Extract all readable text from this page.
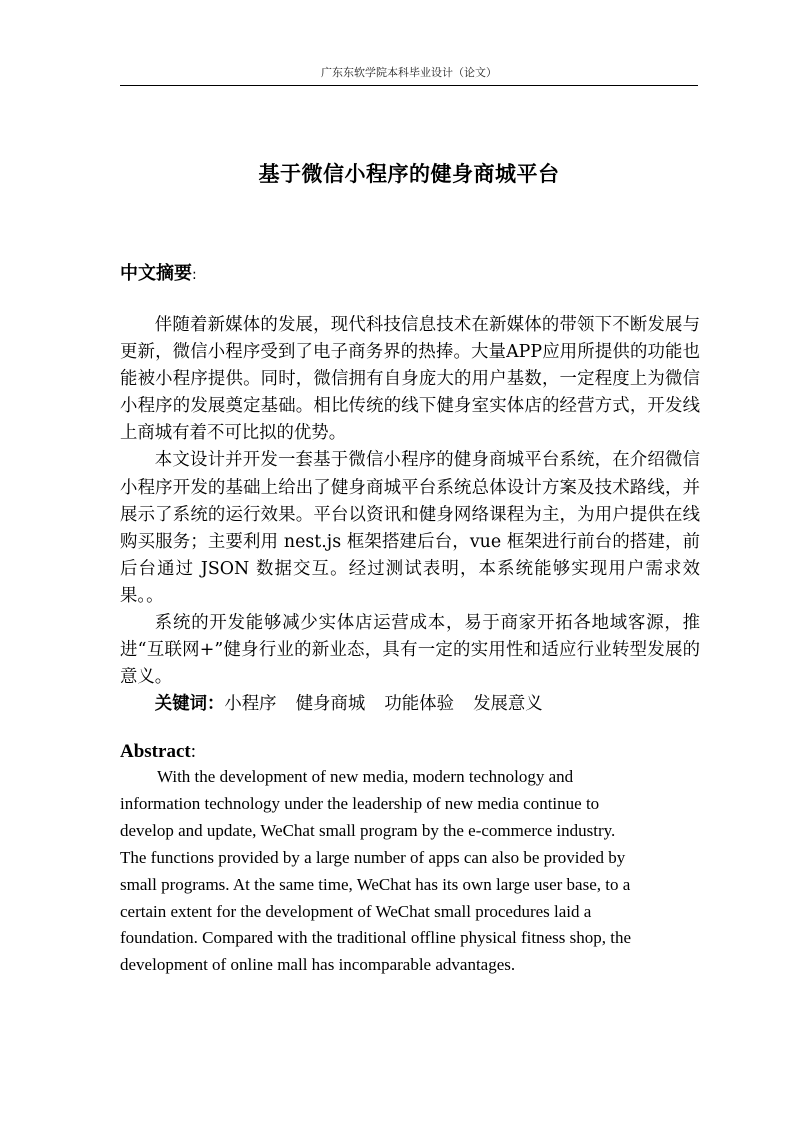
广东东软学院本科毕业设计（论文）
基于微信小程序的健身商城平台
中文摘要:

伴随着新媒体的发展，现代科技信息技术在新媒体的带领下不断发展与更新，微信小程序受到了电子商务界的热捧。大量APP应用所提供的功能也能被小程序提供。同时，微信拥有自身庞大的用户基数，一定程度上为微信小程序的发展奠定基础。相比传统的线下健身室实体店的经营方式，开发线上商城有着不可比拟的优势。

本文设计并开发一套基于微信小程序的健身商城平台系统，在介绍微信小程序开发的基础上给出了健身商城平台系统总体设计方案及技术路线，并展示了系统的运行效果。平台以资讯和健身网络课程为主，为用户提供在线购买服务；主要利用 nest.js 框架搭建后台，vue 框架进行前台的搭建，前后台通过 JSON 数据交互。经过测试表明，本系统能够实现用户需求效果。。

系统的开发能够减少实体店运营成本，易于商家开拓各地域客源，推进“互联网+”健身行业的新业态，具有一定的实用性和适应行业转型发展的意义。

关键词：小程序 健身商城 功能体验 发展意义

Abstract:

With the development of new media, modern technology and
information technology under the leadership of new media continue to
develop and update, WeChat small program by the e-commerce industry.
The functions provided by a large number of apps can also be provided by
small programs. At the same time, WeChat has its own large user base, to a
certain extent for the development of WeChat small procedures laid a
foundation. Compared with the traditional offline physical fitness shop, the
development of online mall has incomparable advantages.
